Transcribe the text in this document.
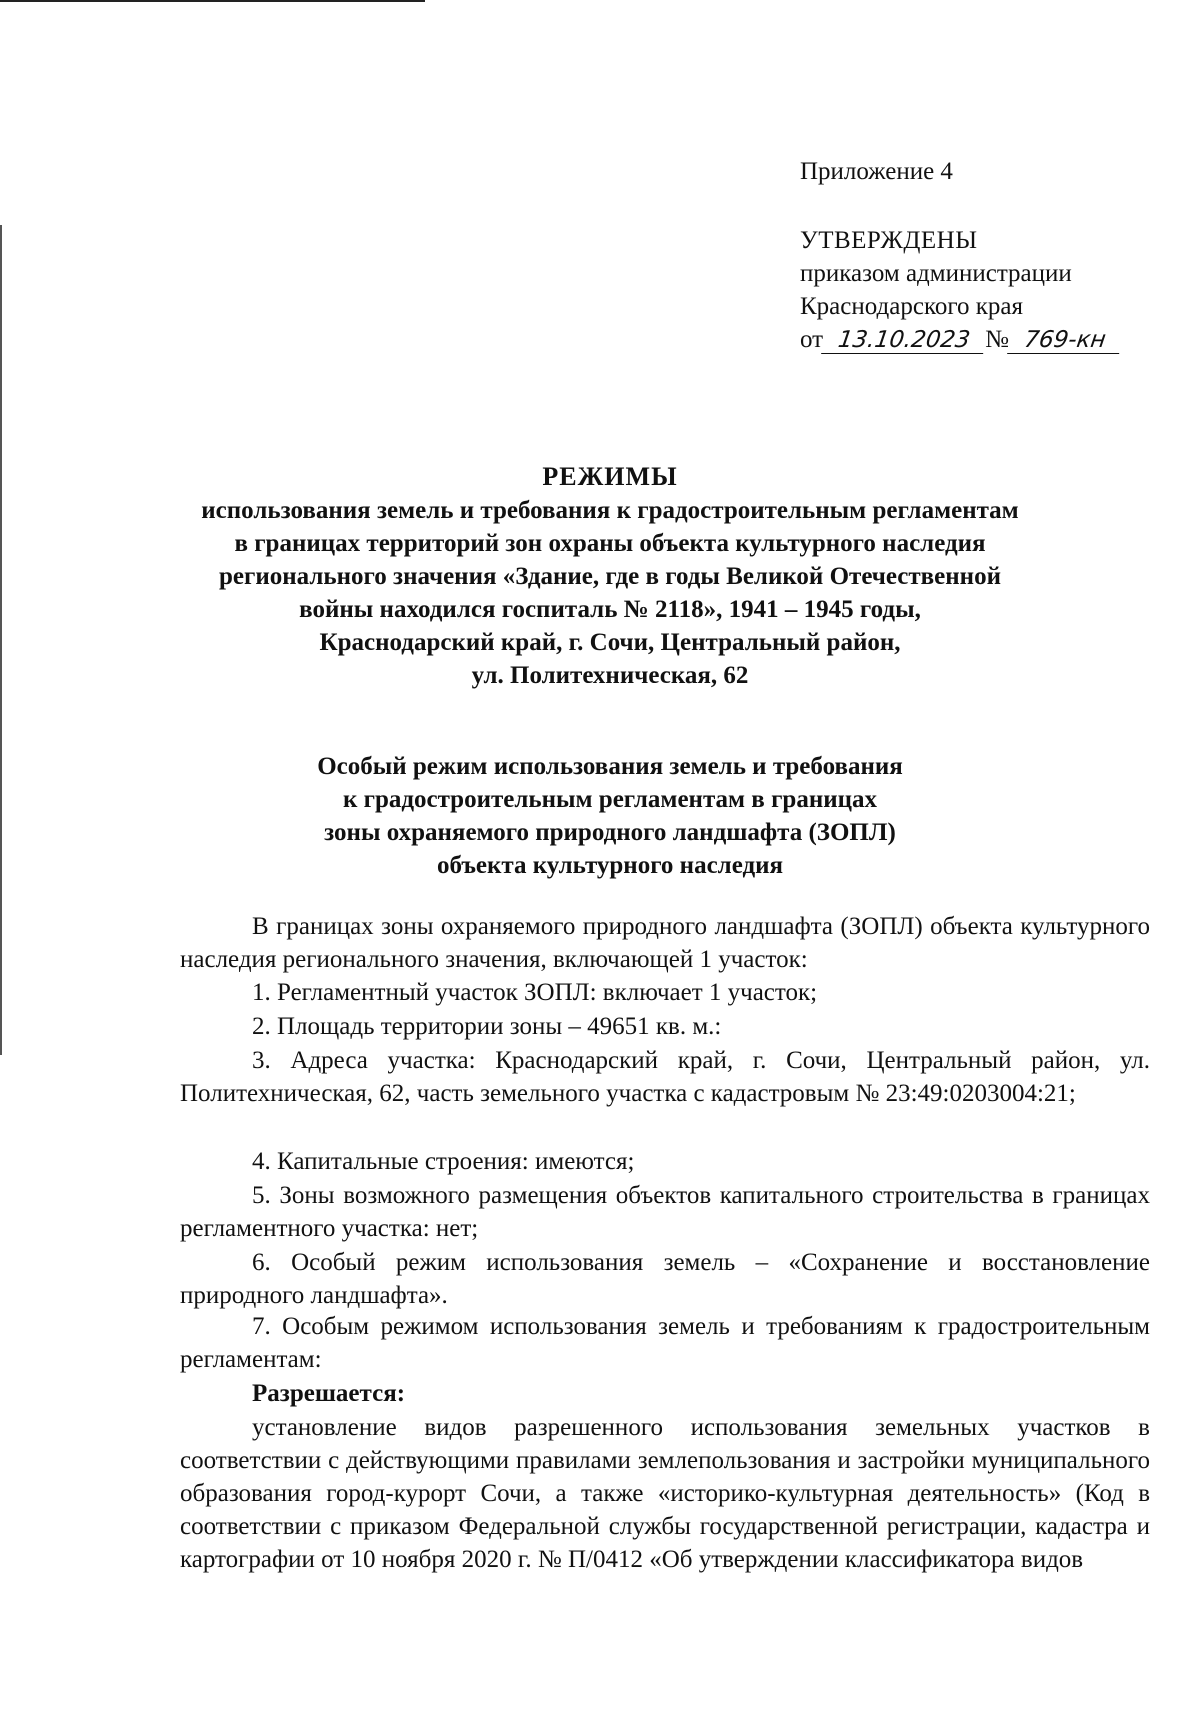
Приложение 4
УТВЕРЖДЕНЫ
приказом администрации
Краснодарского края
от 13.10.2023 № 769-кн
РЕЖИМЫ
использования земель и требования к градостроительным регламентам
в границах территорий зон охраны объекта культурного наследия
регионального значения «Здание, где в годы Великой Отечественной
войны находился госпиталь № 2118», 1941 – 1945 годы,
Краснодарский край, г. Сочи, Центральный район,
ул. Политехническая, 62
Особый режим использования земель и требования
к градостроительным регламентам в границах
зоны охраняемого природного ландшафта (ЗОПЛ)
объекта культурного наследия
В границах зоны охраняемого природного ландшафта (ЗОПЛ) объекта культурного наследия регионального значения, включающей 1 участок:
1. Регламентный участок ЗОПЛ: включает 1 участок;
2. Площадь территории зоны – 49651 кв. м.:
3. Адреса участка: Краснодарский край, г. Сочи, Центральный район, ул. Политехническая, 62, часть земельного участка с кадастровым № 23:49:0203004:21;
4. Капитальные строения: имеются;
5. Зоны возможного размещения объектов капитального строительства в границах регламентного участка: нет;
6. Особый режим использования земель – «Сохранение и восстановление природного ландшафта».
7. Особым режимом использования земель и требованиям к градостроительным регламентам:
Разрешается:
установление видов разрешенного использования земельных участков в соответствии с действующими правилами землепользования и застройки муниципального образования город-курорт Сочи, а также «историко-культурная деятельность» (Код в соответствии с приказом Федеральной службы государственной регистрации, кадастра и картографии от 10 ноября 2020 г. № П/0412 «Об утверждении классификатора видов
